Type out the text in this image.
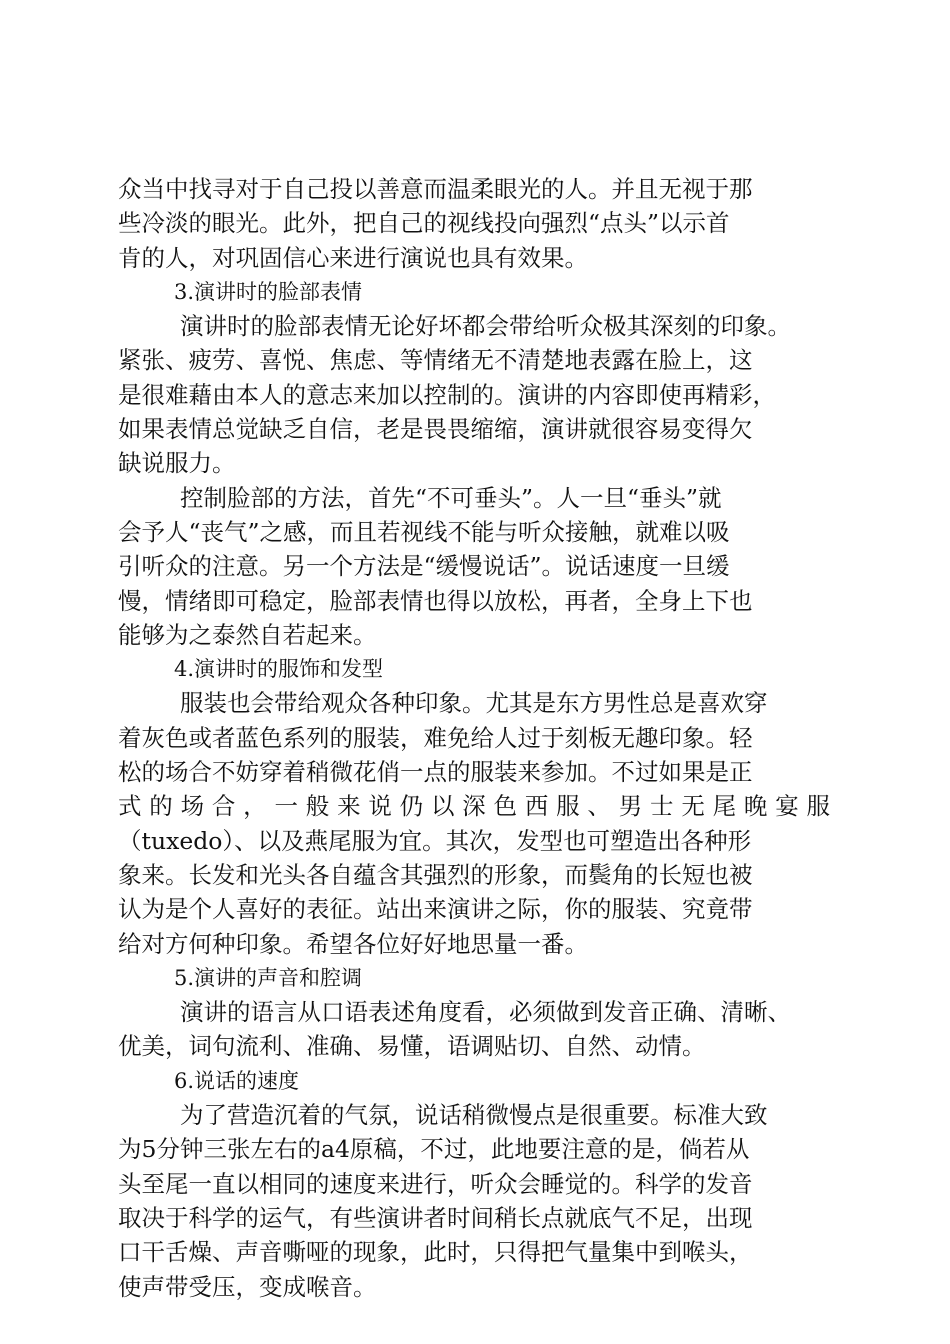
众当中找寻对于自己投以善意而温柔眼光的人。并且无视于那
些冷淡的眼光。此外，把自己的视线投向强烈“点头”以示首
肯的人，对巩固信心来进行演说也具有效果。
3.演讲时的脸部表情
演讲时的脸部表情无论好坏都会带给听众极其深刻的印象。
紧张、疲劳、喜悦、焦虑、等情绪无不清楚地表露在脸上，这
是很难藉由本人的意志来加以控制的。演讲的内容即使再精彩，
如果表情总觉缺乏自信，老是畏畏缩缩，演讲就很容易变得欠
缺说服力。
控制脸部的方法，首先“不可垂头”。人一旦“垂头”就
会予人“丧气”之感，而且若视线不能与听众接触，就难以吸
引听众的注意。另一个方法是“缓慢说话”。说话速度一旦缓
慢，情绪即可稳定，脸部表情也得以放松，再者，全身上下也
能够为之泰然自若起来。
4.演讲时的服饰和发型
服装也会带给观众各种印象。尤其是东方男性总是喜欢穿
着灰色或者蓝色系列的服装，难免给人过于刻板无趣印象。轻
松的场合不妨穿着稍微花俏一点的服装来参加。不过如果是正
式的场合，一般来说仍以深色西服、男士无尾晚宴服
（tuxedo）、以及燕尾服为宜。其次，发型也可塑造出各种形
象来。长发和光头各自蕴含其强烈的形象，而鬓角的长短也被
认为是个人喜好的表征。站出来演讲之际，你的服装、究竟带
给对方何种印象。希望各位好好地思量一番。
5.演讲的声音和腔调
演讲的语言从口语表述角度看，必须做到发音正确、清晰、
优美，词句流利、准确、易懂，语调贴切、自然、动情。
6.说话的速度
为了营造沉着的气氛，说话稍微慢点是很重要。标准大致
为5分钟三张左右的a4原稿，不过，此地要注意的是，倘若从
头至尾一直以相同的速度来进行，听众会睡觉的。科学的发音
取决于科学的运气，有些演讲者时间稍长点就底气不足，出现
口干舌燥、声音嘶哑的现象，此时，只得把气量集中到喉头，
使声带受压，变成喉音。
